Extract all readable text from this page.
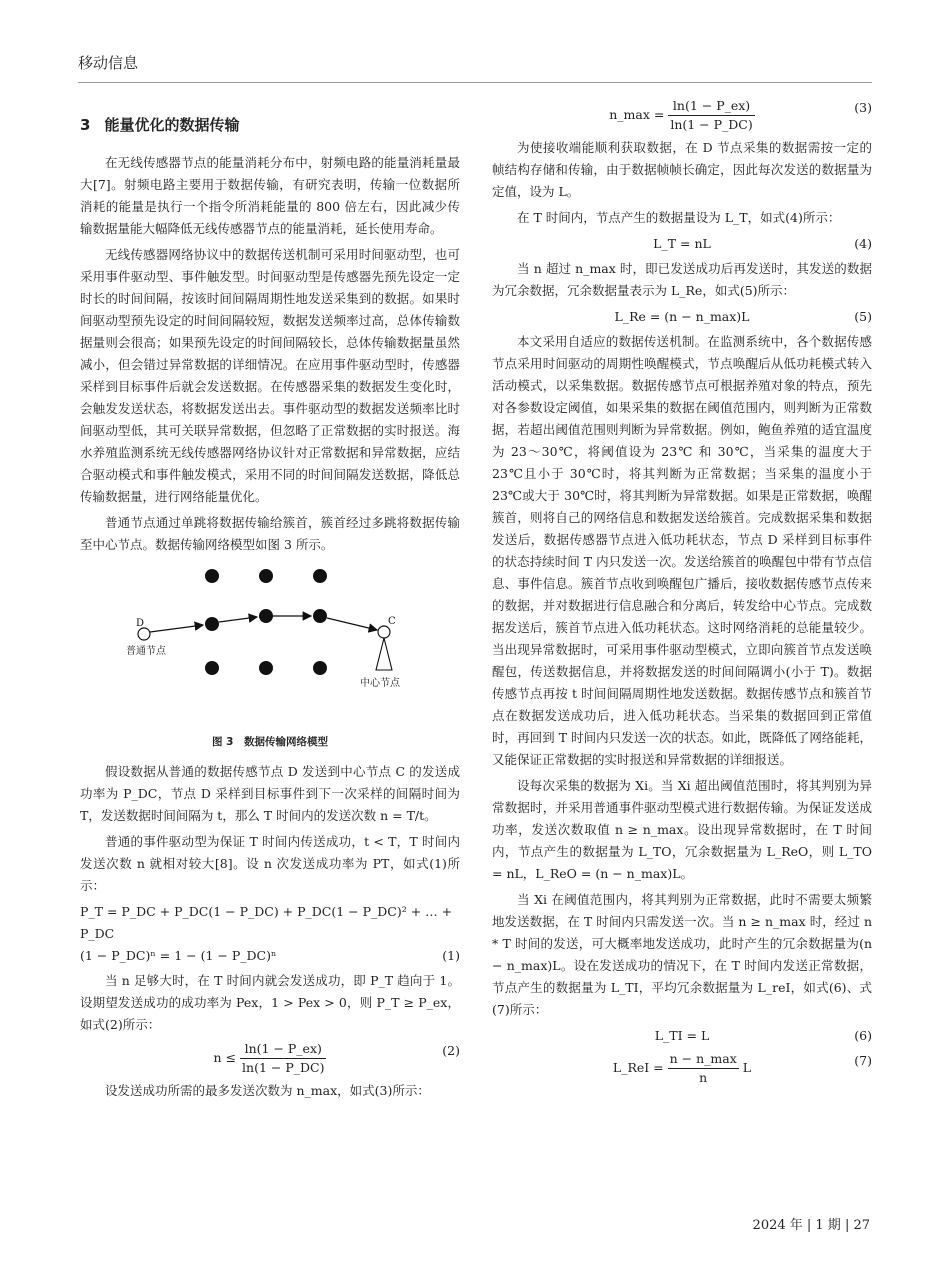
移动信息
3 能量优化的数据传输

在无线传感器节点的能量消耗分布中，射频电路的能量消耗量最大[7]。射频电路主要用于数据传输，有研究表明，传输一位数据所消耗的能量是执行一个指令所消耗能量的 800 倍左右，因此减少传输数据量能大幅降低无线传感器节点的能量消耗，延长使用寿命。

无线传感器网络协议中的数据传送机制可采用时间驱动型，也可采用事件驱动型、事件触发型。时间驱动型是传感器先预先设定一定时长的时间间隔，按该时间间隔周期性地发送采集到的数据。如果时间驱动型预先设定的时间间隔较短，数据发送频率过高，总体传输数据量则会很高；如果预先设定的时间间隔较长，总体传输数据量虽然减小，但会错过异常数据的详细情况。在应用事件驱动型时，传感器采样到目标事件后就会发送数据。在传感器采集的数据发生变化时，会触发发送状态，将数据发送出去。事件驱动型的数据发送频率比时间驱动型低，其可关联异常数据，但忽略了正常数据的实时报送。海水养殖监测系统无线传感器网络协议针对正常数据和异常数据，应结合驱动模式和事件触发模式，采用不同的时间间隔发送数据，降低总传输数据量，进行网络能量优化。

普通节点通过单跳将数据传输给簇首，簇首经过多跳将数据传输至中心节点。数据传输网络模型如图 3 所示。

D	C
普通节点
中心节点
图 3　数据传输网络模型

假设数据从普通的数据传感节点 D 发送到中心节点 C 的发送成功率为 P_DC，节点 D 采样到目标事件到下一次采样的间隔时间为 T，发送数据时间间隔为 t，那么 T 时间内的发送次数 n = T/t。

普通的事件驱动型为保证 T 时间内传送成功，t < T，T 时间内发送次数 n 就相对较大[8]。设 n 次发送成功率为 PT，如式(1)所示：

P_T = P_DC + P_DC(1 − P_DC) + P_DC(1 − P_DC)² + … + P_DC
(1 − P_DC)ⁿ = 1 − (1 − P_DC)ⁿ	(1)

当 n 足够大时，在 T 时间内就会发送成功，即 P_T 趋向于 1。设期望发送成功的成功率为 Pex，1 > Pex > 0，则 P_T ≥ P_ex，如式(2)所示：

$n \le \frac{\ln(1 - P\_ex)}{\ln(1 - P\_DC)}$	(2)

设发送成功所需的最多发送次数为 n_max，如式(3)所示：

n_max = $\frac{\ln(1 - P\_ex)}{\ln(1 - P\_DC)}$	(3)

为使接收端能顺利获取数据，在 D 节点采集的数据需按一定的帧结构存储和传输，由于数据帧帧长确定，因此每次发送的数据量为定值，设为 L。

在 T 时间内，节点产生的数据量设为 L_T，如式(4)所示：

L_T = nL	(4)

当 n 超过 n_max 时，即已发送成功后再发送时，其发送的数据为冗余数据，冗余数据量表示为 L_Re，如式(5)所示：

L_Re = (n − n_max)L	(5)

本文采用自适应的数据传送机制。在监测系统中，各个数据传感节点采用时间驱动的周期性唤醒模式，节点唤醒后从低功耗模式转入活动模式，以采集数据。数据传感节点可根据养殖对象的特点，预先对各参数设定阈值，如果采集的数据在阈值范围内，则判断为正常数据，若超出阈值范围则判断为异常数据。例如，鲍鱼养殖的适宜温度为 23～30℃，将阈值设为 23℃ 和 30℃，当采集的温度大于 23℃且小于 30℃时，将其判断为正常数据；当采集的温度小于 23℃或大于 30℃时，将其判断为异常数据。如果是正常数据，唤醒簇首，则将自己的网络信息和数据发送给簇首。完成数据采集和数据发送后，数据传感器节点进入低功耗状态，节点 D 采样到目标事件的状态持续时间 T 内只发送一次。发送给簇首的唤醒包中带有节点信息、事件信息。簇首节点收到唤醒包广播后，接收数据传感节点传来的数据，并对数据进行信息融合和分离后，转发给中心节点。完成数据发送后，簇首节点进入低功耗状态。这时网络消耗的总能量较少。当出现异常数据时，可采用事件驱动型模式，立即向簇首节点发送唤醒包，传送数据信息，并将数据发送的时间间隔调小(小于 T)。数据传感节点再按 t 时间间隔周期性地发送数据。数据传感节点和簇首节点在数据发送成功后，进入低功耗状态。当采集的数据回到正常值时，再回到 T 时间内只发送一次的状态。如此，既降低了网络能耗，又能保证正常数据的实时报送和异常数据的详细报送。

设每次采集的数据为 Xi。当 Xi 超出阈值范围时，将其判别为异常数据时，并采用普通事件驱动型模式进行数据传输。为保证发送成功率，发送次数取值 n ≥ n_max。设出现异常数据时，在 T 时间内，节点产生的数据量为 L_TO，冗余数据量为 L_ReO，则 L_TO = nL，L_ReO = (n − n_max)L。

当 Xi 在阈值范围内，将其判别为正常数据，此时不需要太频繁地发送数据，在 T 时间内只需发送一次。当 n ≥ n_max 时，经过 n * T 时间的发送，可大概率地发送成功，此时产生的冗余数据量为(n − n_max)L。设在发送成功的情况下，在 T 时间内发送正常数据，节点产生的数据量为 L_TI，平均冗余数据量为 L_reI，如式(6)、式(7)所示：

L_TI = L	(6)
L_ReI = $\frac{n - n\_\max}{n}$ L	(7)
2024 年 | 1 期 | 27
